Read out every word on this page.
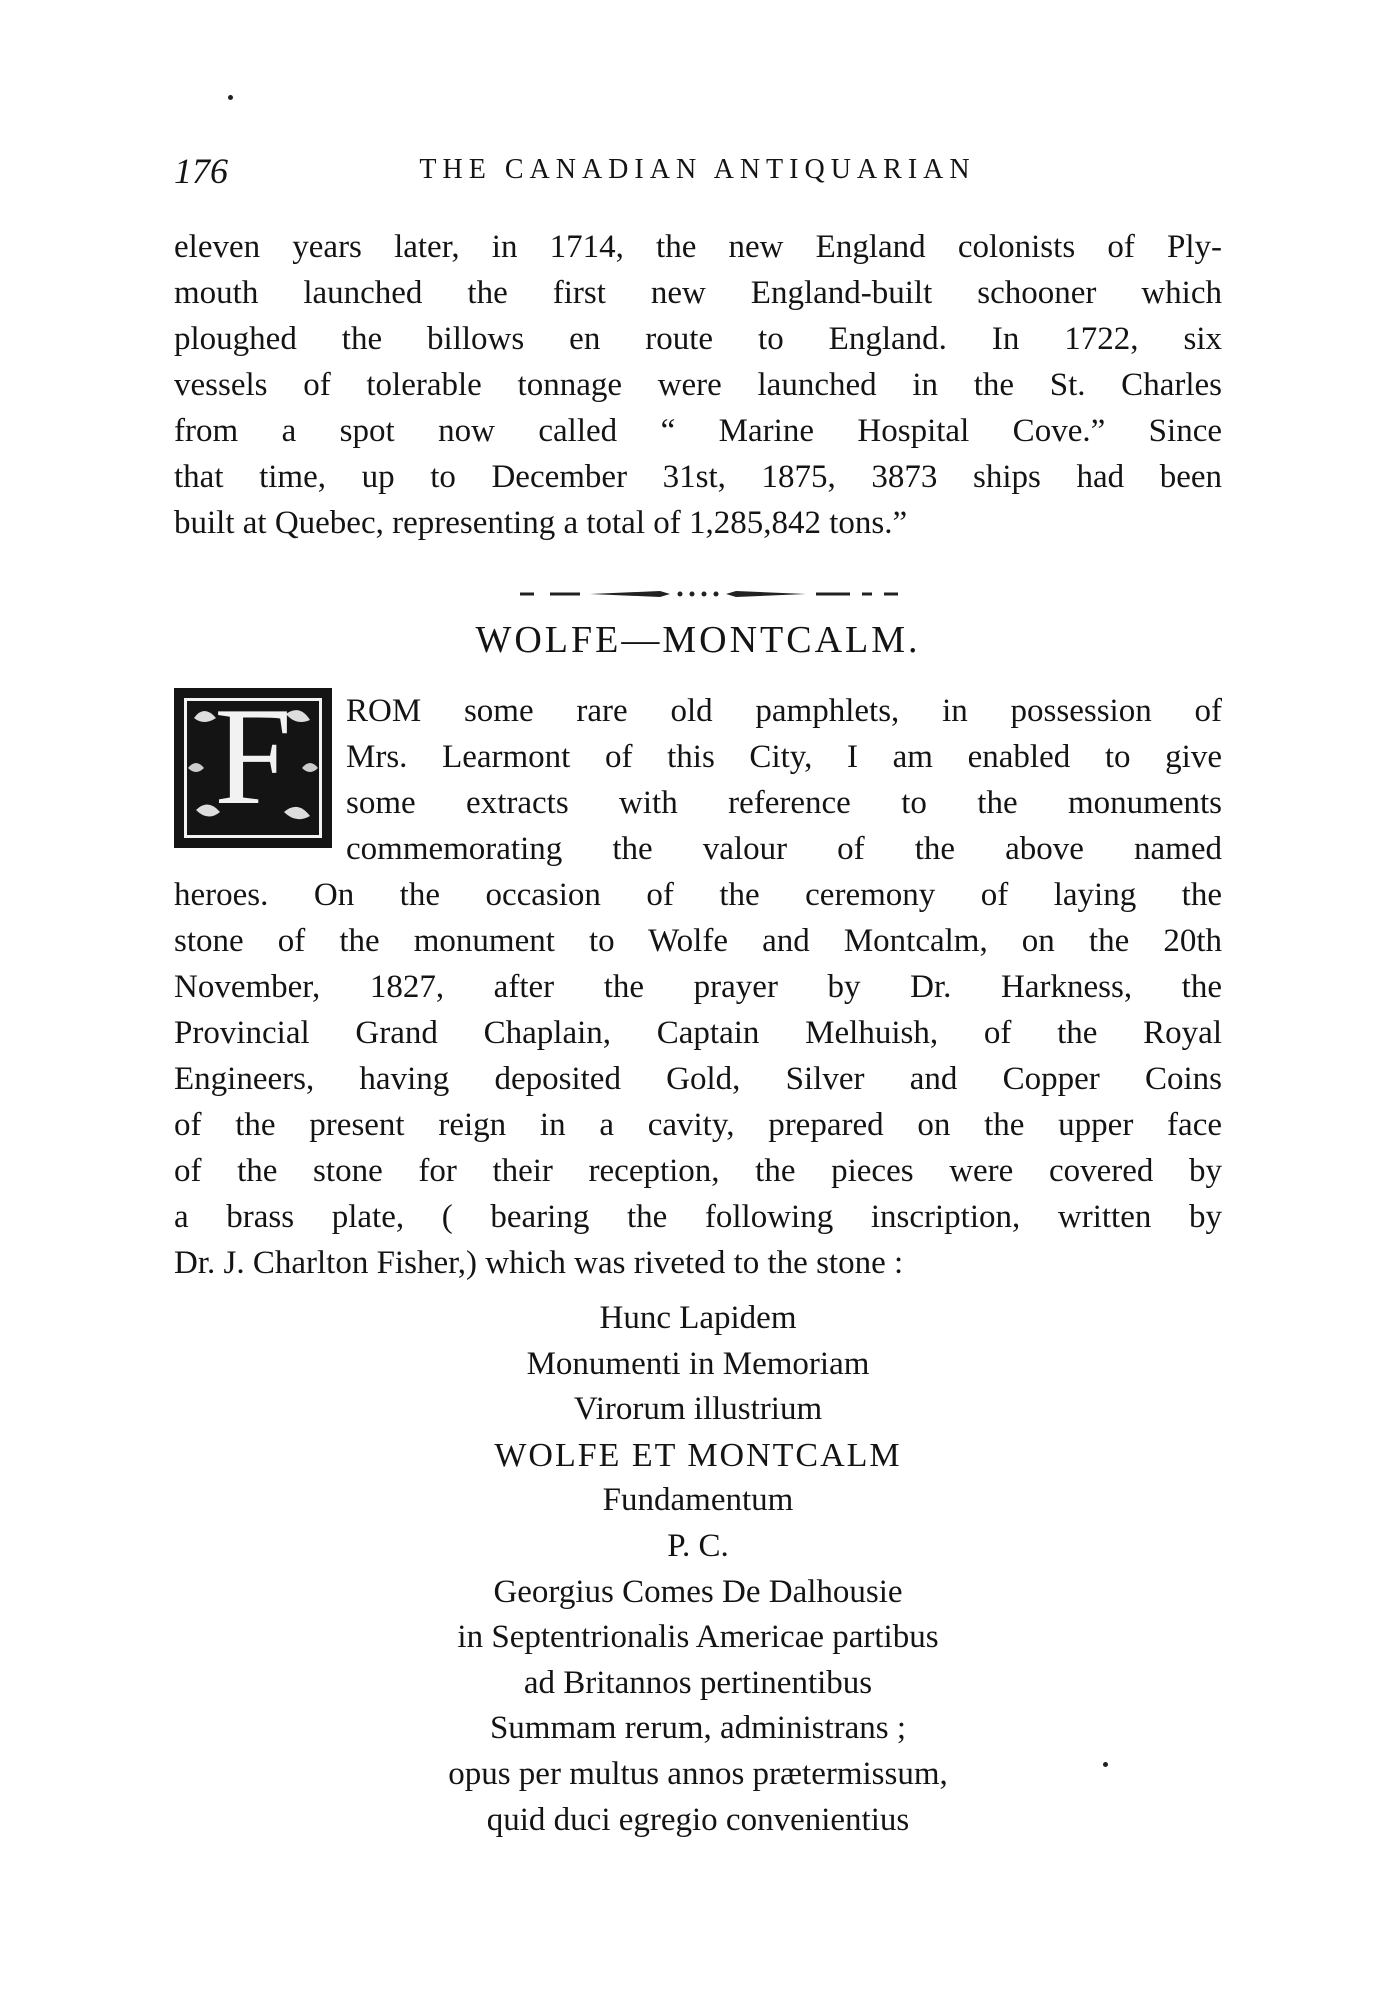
176	THE CANADIAN ANTIQUARIAN
eleven years later, in 1714, the new England colonists of Ply-
mouth launched the first new England-built schooner which
ploughed the billows en route to England. In 1722, six
vessels of tolerable tonnage were launched in the St. Charles
from a spot now called “ Marine Hospital Cove.” Since
that time, up to December 31st, 1875, 3873 ships had been
built at Quebec, representing a total of 1,285,842 tons.”
WOLFE—MONTCALM.
F	ROM some rare old pamphlets, in possession of
Mrs. Learmont of this City, I am enabled to give
some extracts with reference to the monuments
commemorating the valour of the above named
heroes. On the occasion of the ceremony of laying the
stone of the monument to Wolfe and Montcalm, on the 20th
November, 1827, after the prayer by Dr. Harkness, the
Provincial Grand Chaplain, Captain Melhuish, of the Royal
Engineers, having deposited Gold, Silver and Copper Coins
of the present reign in a cavity, prepared on the upper face
of the stone for their reception, the pieces were covered by
a brass plate, ( bearing the following inscription, written by
Dr. J. Charlton Fisher,) which was riveted to the stone :
Hunc Lapidem
Monumenti in Memoriam
Virorum illustrium
WOLFE ET MONTCALM
Fundamentum
P. C.
Georgius Comes De Dalhousie
in Septentrionalis Americae partibus
ad Britannos pertinentibus
Summam rerum, administrans ;
opus per multus annos prætermissum,
quid duci egregio convenientius
